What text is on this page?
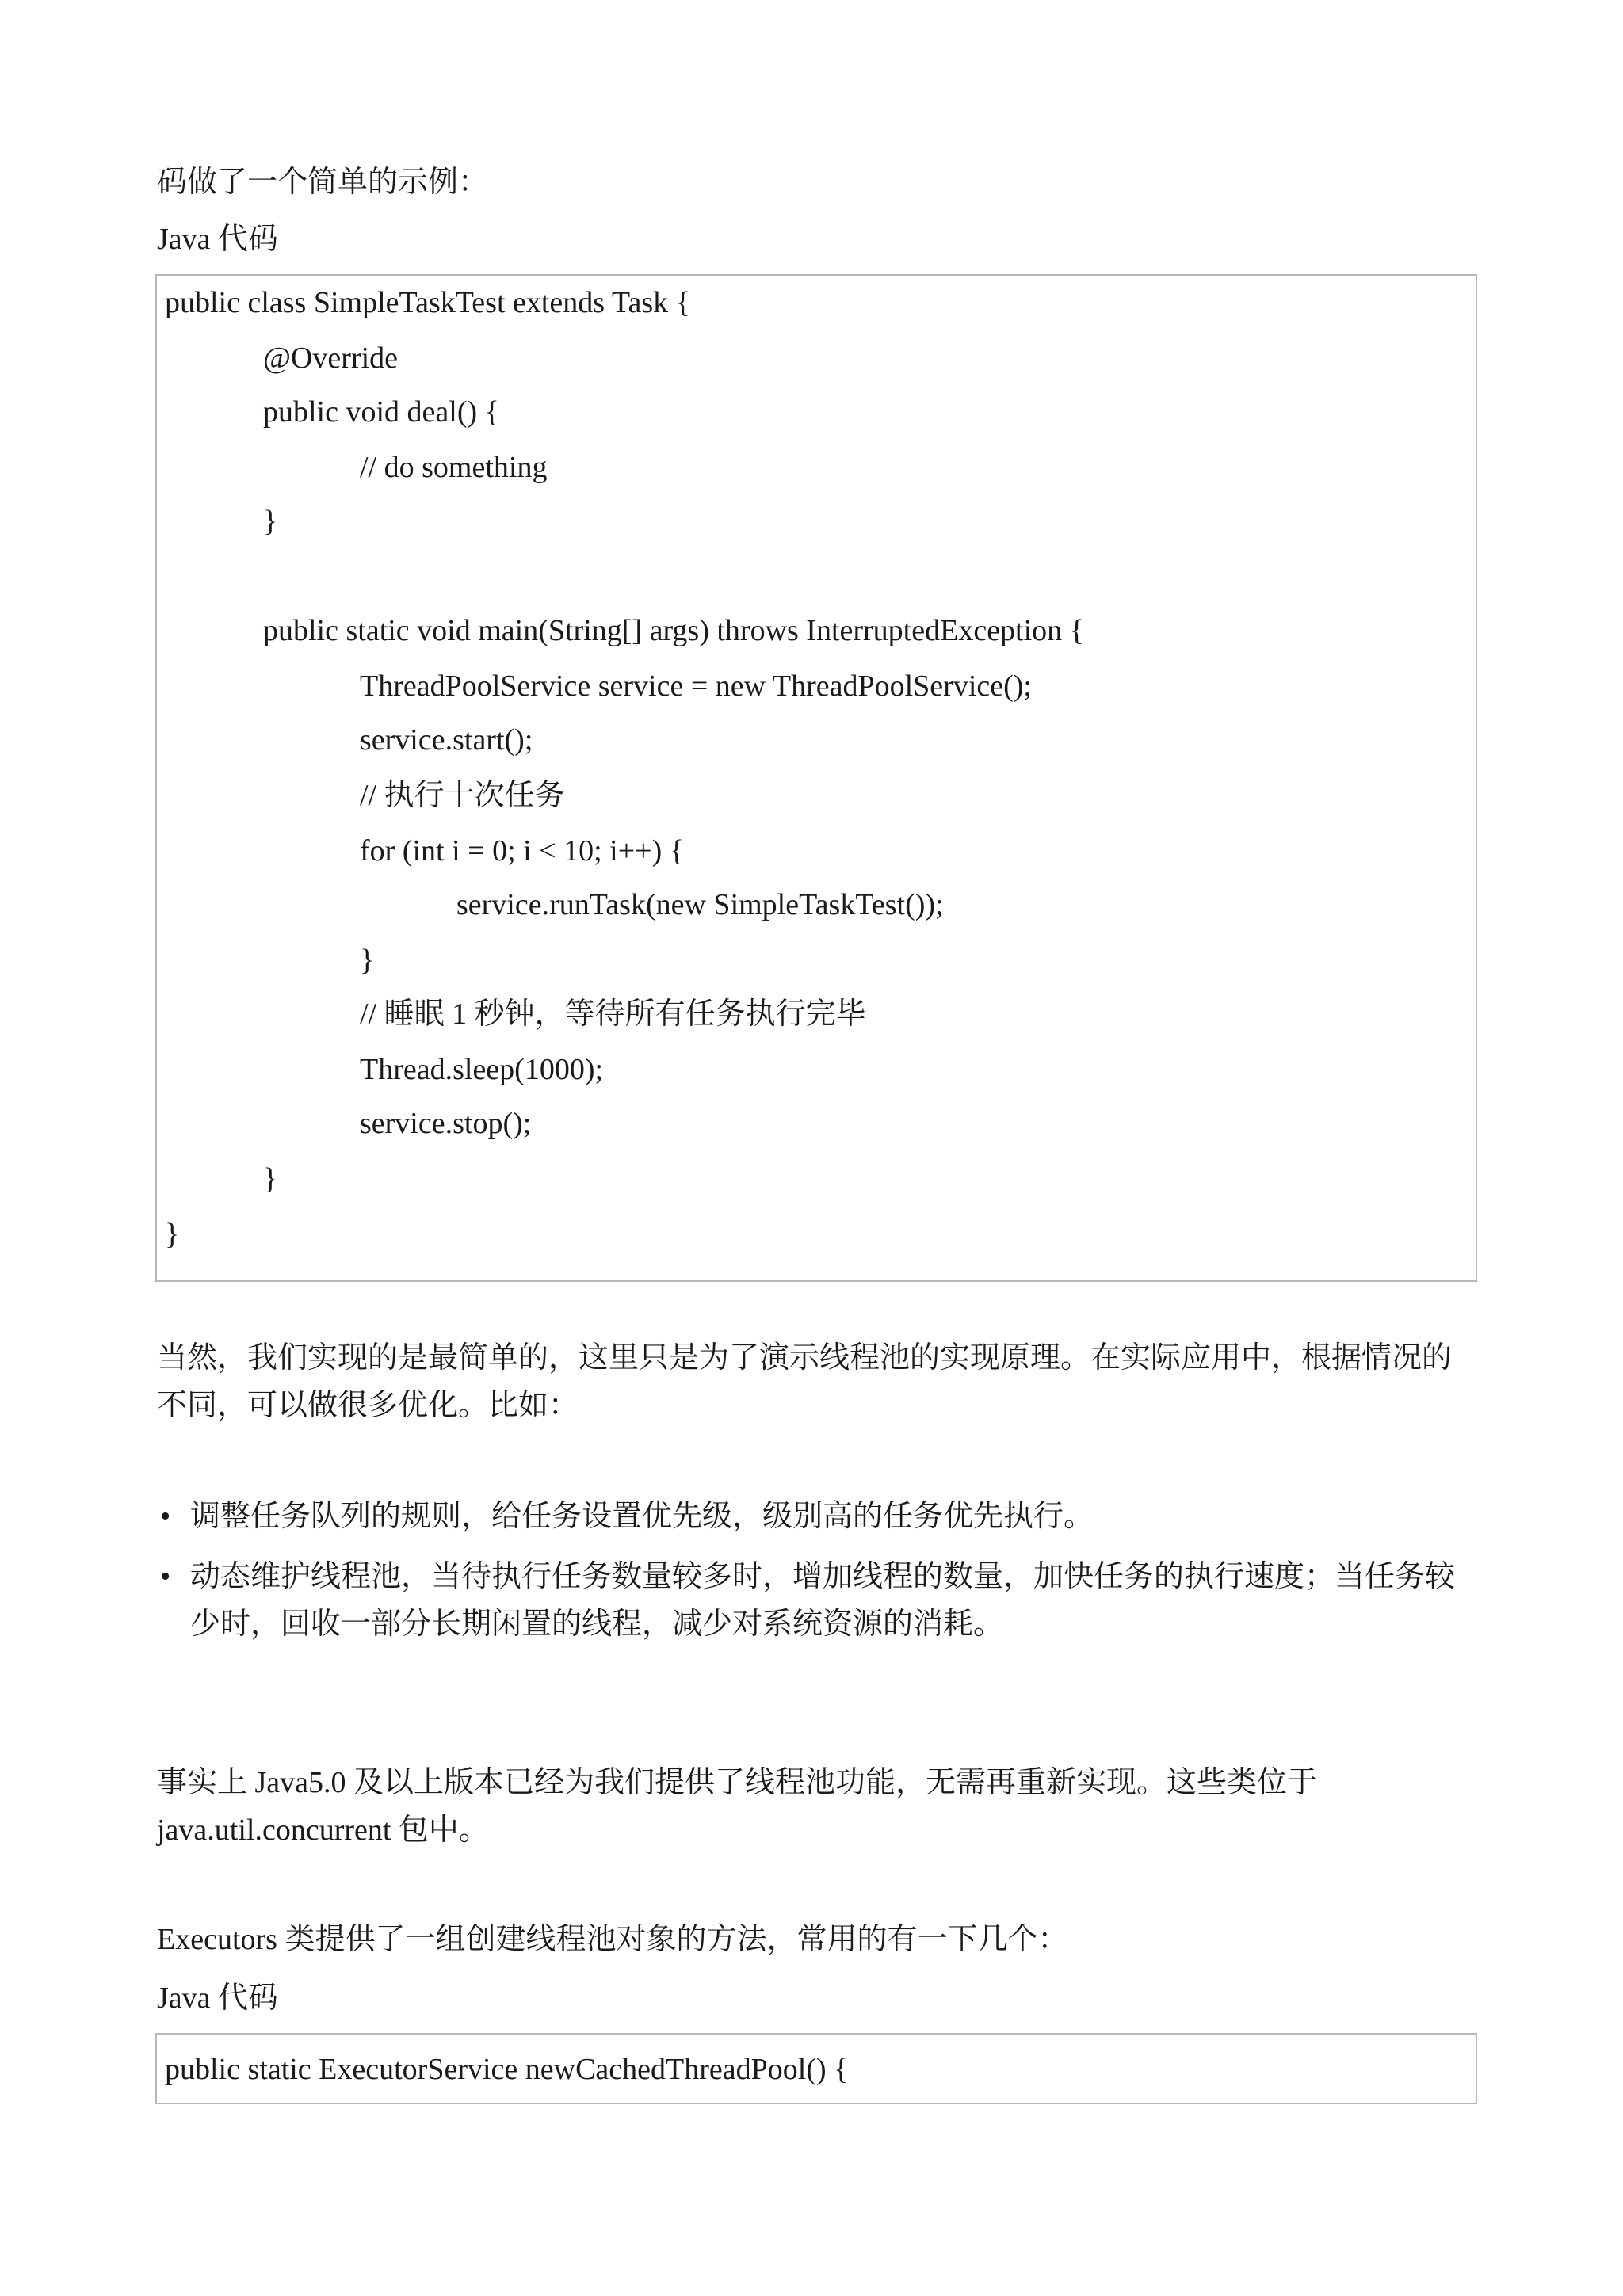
码做了一个简单的示例：

Java 代码

public class SimpleTaskTest extends Task {
@Override
public void deal() {
// do something
}
public static void main(String[] args) throws InterruptedException {
ThreadPoolService service = new ThreadPoolService();
service.start();
// 执行十次任务
for (int i = 0; i < 10; i++) {
service.runTask(new SimpleTaskTest());
}
// 睡眠 1 秒钟，等待所有任务执行完毕
Thread.sleep(1000);
service.stop();
}
}

当然，我们实现的是最简单的，这里只是为了演示线程池的实现原理。在实际应用中，根据情况的不同，可以做很多优化。比如：

• 调整任务队列的规则，给任务设置优先级，级别高的任务优先执行。
• 动态维护线程池，当待执行任务数量较多时，增加线程的数量，加快任务的执行速度；当任务较少时，回收一部分长期闲置的线程，减少对系统资源的消耗。

事实上 Java5.0 及以上版本已经为我们提供了线程池功能，无需再重新实现。这些类位于 java.util.concurrent 包中。

Executors 类提供了一组创建线程池对象的方法，常用的有一下几个：

Java 代码

public static ExecutorService newCachedThreadPool() {
